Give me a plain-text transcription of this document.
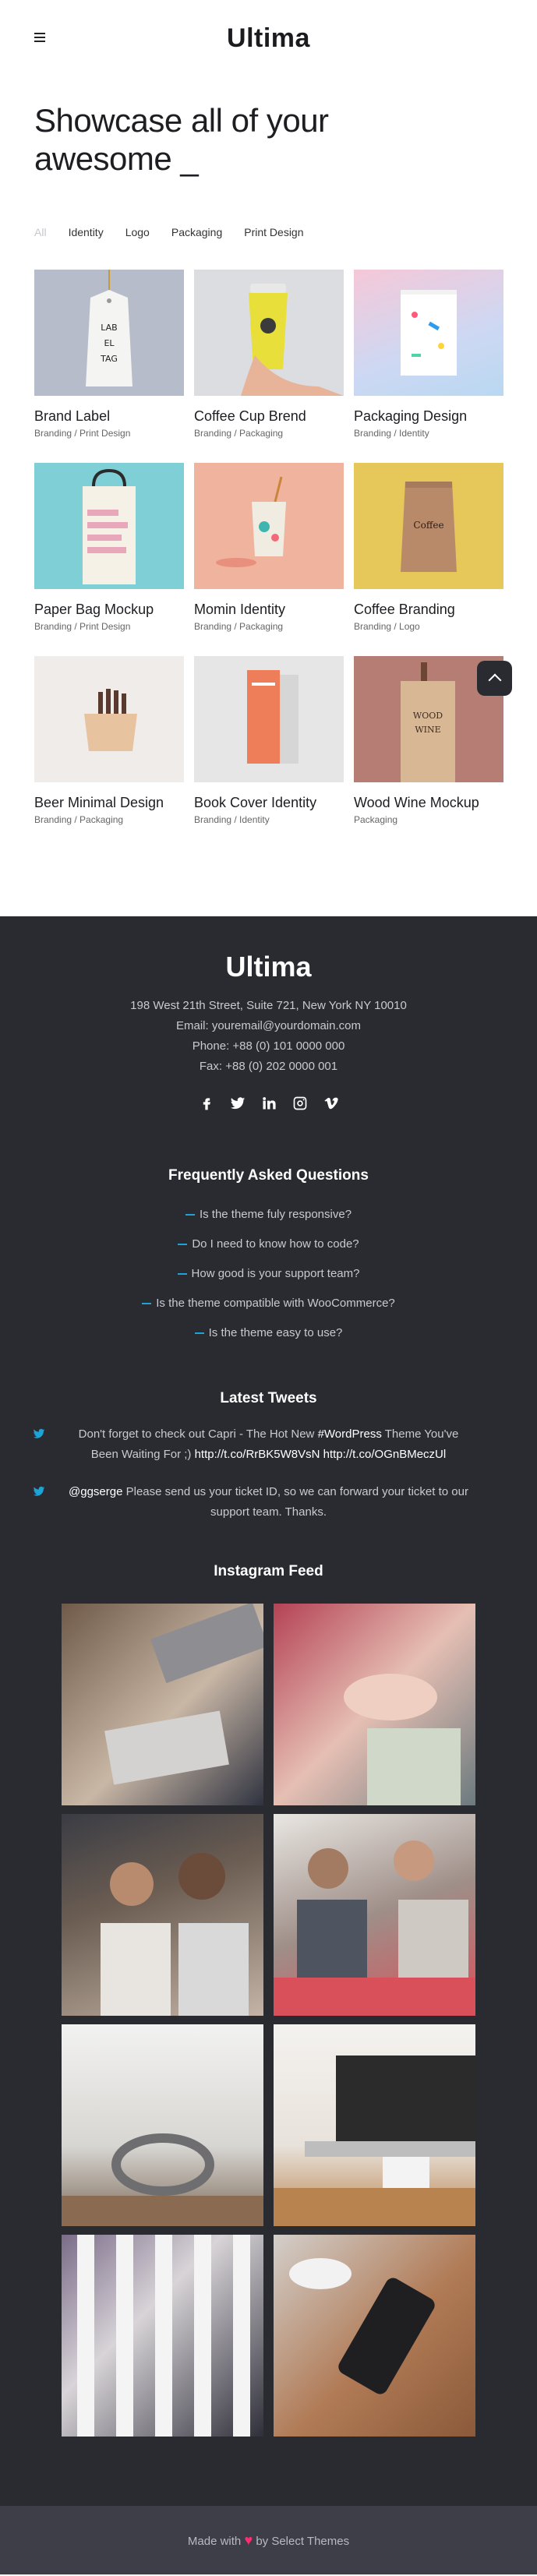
Ultima
Showcase all of your awesome _
All Identity Logo Packaging Print Design
LAB
EL
TAG
Brand Label
Branding / Print Design
Coffee Cup Brend
Branding / Packaging
Packaging Design
Branding / Identity
Paper Bag Mockup
Branding / Print Design
Momin Identity
Branding / Packaging
Coffee
Coffee Branding
Branding / Logo
Beer Minimal Design
Branding / Packaging
Book Cover Identity
Branding / Identity
WOOD
WINE
Wood Wine Mockup
Packaging
Ultima
198 West 21th Street, Suite 721, New York NY 10010
Email: youremail@yourdomain.com
Phone: +88 (0) 101 0000 000
Fax: +88 (0) 202 0000 001
Frequently Asked Questions
Is the theme fuly responsive?
Do I need to know how to code?
How good is your support team?
Is the theme compatible with WooCommerce?
Is the theme easy to use?
Latest Tweets
Don't forget to check out Capri - The Hot New #WordPress Theme You've Been Waiting For ;) http://t.co/RrBK5W8VsN http://t.co/OGnBMeczUl
@ggserge Please send us your ticket ID, so we can forward your ticket to our support team. Thanks.
Instagram Feed
Made with ♥ by Select Themes
